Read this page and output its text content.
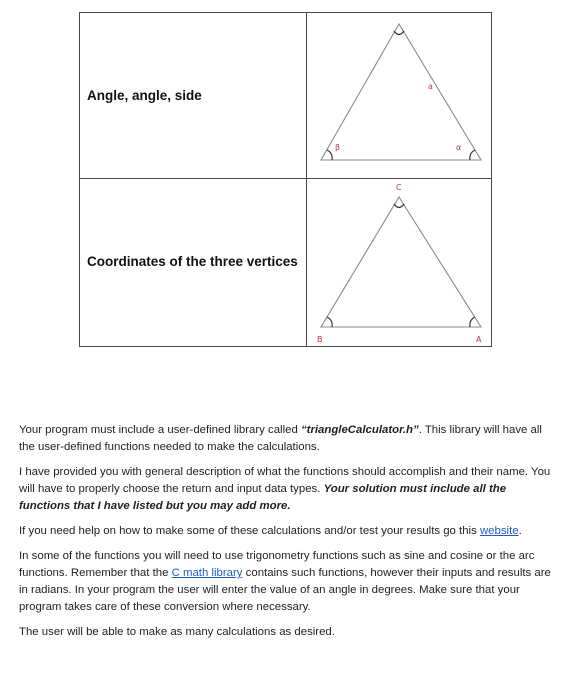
Angle, angle, side
a
β	α
Coordinates of the three vertices
C
B	A

Your program must include a user-defined library called “triangleCalculator.h”. This library will have all the user-defined functions needed to make the calculations.

I have provided you with general description of what the functions should accomplish and their name. You will have to properly choose the return and input data types. Your solution must include all the functions that I have listed but you may add more.

If you need help on how to make some of these calculations and/or test your results go this website.

In some of the functions you will need to use trigonometry functions such as sine and cosine or the arc functions. Remember that the C math library contains such functions, however their inputs and results are in radians. In your program the user will enter the value of an angle in degrees. Make sure that your program takes care of these conversion where necessary.

The user will be able to make as many calculations as desired.
